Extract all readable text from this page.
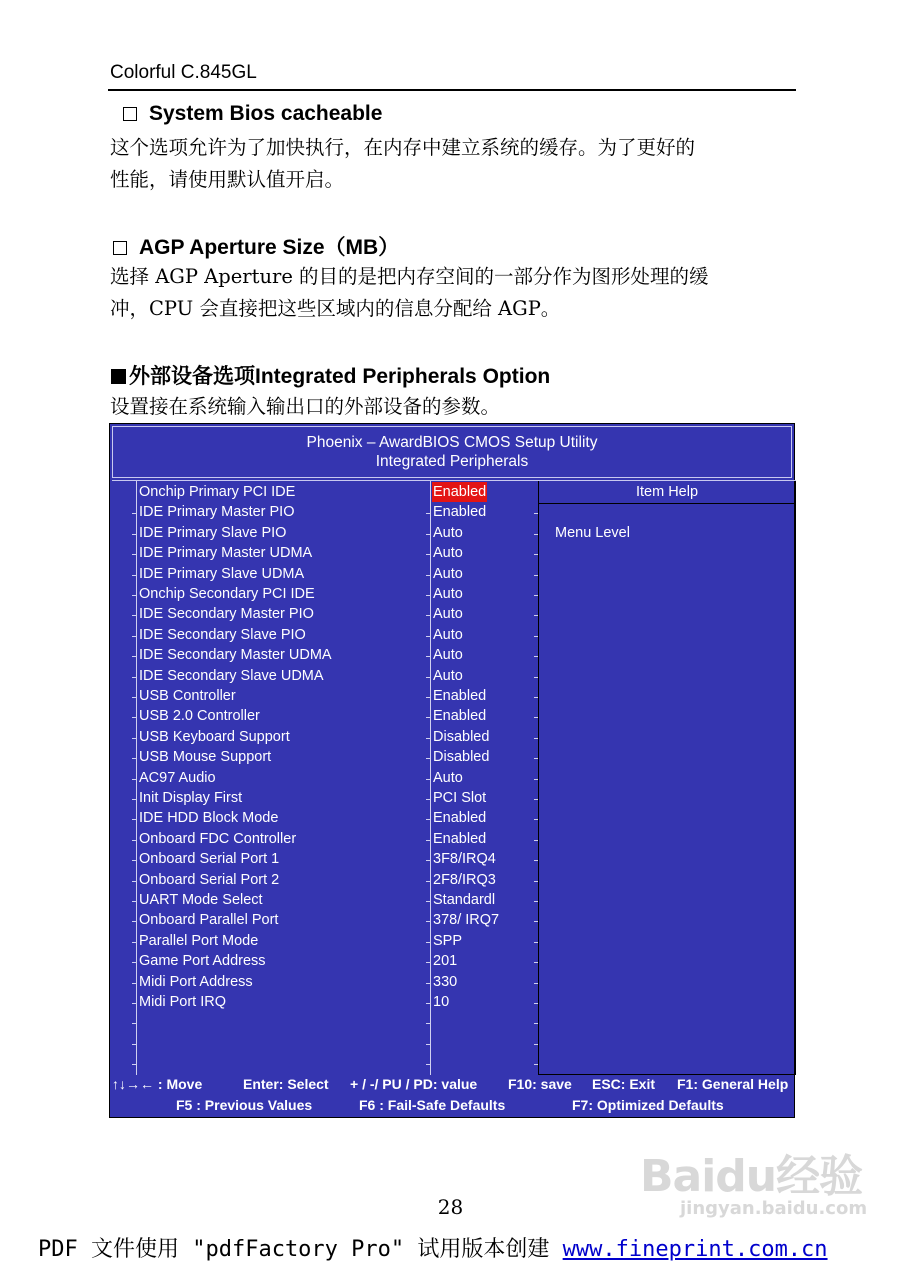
Colorful C.845GL
System Bios cacheable
这个选项允许为了加快执行，在内存中建立系统的缓存。为了更好的
性能，请使用默认值开启。
AGP Aperture Size（MB）
选择 AGP Aperture 的目的是把内存空间的一部分作为图形处理的缓
冲，CPU 会直接把这些区域内的信息分配给 AGP。
外部设备选项Integrated Peripherals Option
设置接在系统输入输出口的外部设备的参数。
Phoenix – AwardBIOS CMOS Setup Utility
Integrated Peripherals
Onchip Primary PCI IDE	Enabled
IDE Primary Master PIO	Enabled
IDE Primary Slave PIO	Auto
IDE Primary Master UDMA	Auto
IDE Primary Slave UDMA	Auto
Onchip Secondary PCI IDE	Auto
IDE Secondary Master PIO	Auto
IDE Secondary Slave PIO	Auto
IDE Secondary Master UDMA	Auto
IDE Secondary Slave UDMA	Auto
USB Controller	Enabled
USB 2.0 Controller	Enabled
USB Keyboard Support	Disabled
USB Mouse Support	Disabled
AC97 Audio	Auto
Init Display First	PCI Slot
IDE HDD Block Mode	Enabled
Onboard FDC Controller	Enabled
Onboard Serial Port 1	3F8/IRQ4
Onboard Serial Port 2	2F8/IRQ3
UART Mode Select	Standardl
Onboard Parallel Port	378/ IRQ7
Parallel Port Mode	SPP
Game Port Address	201
Midi Port Address	330
Midi Port IRQ	10
Item Help
Menu Level
↑↓→← : Move	Enter: Select + / -/ PU / PD: value F10: save ESC: Exit F1: General Help
F5 : Previous Values	F6 : Fail-Safe Defaults	F7: Optimized Defaults
28
Baidu经验
jingyan.baidu.com
PDF 文件使用 "pdfFactory Pro" 试用版本创建 www.fineprint.com.cn
